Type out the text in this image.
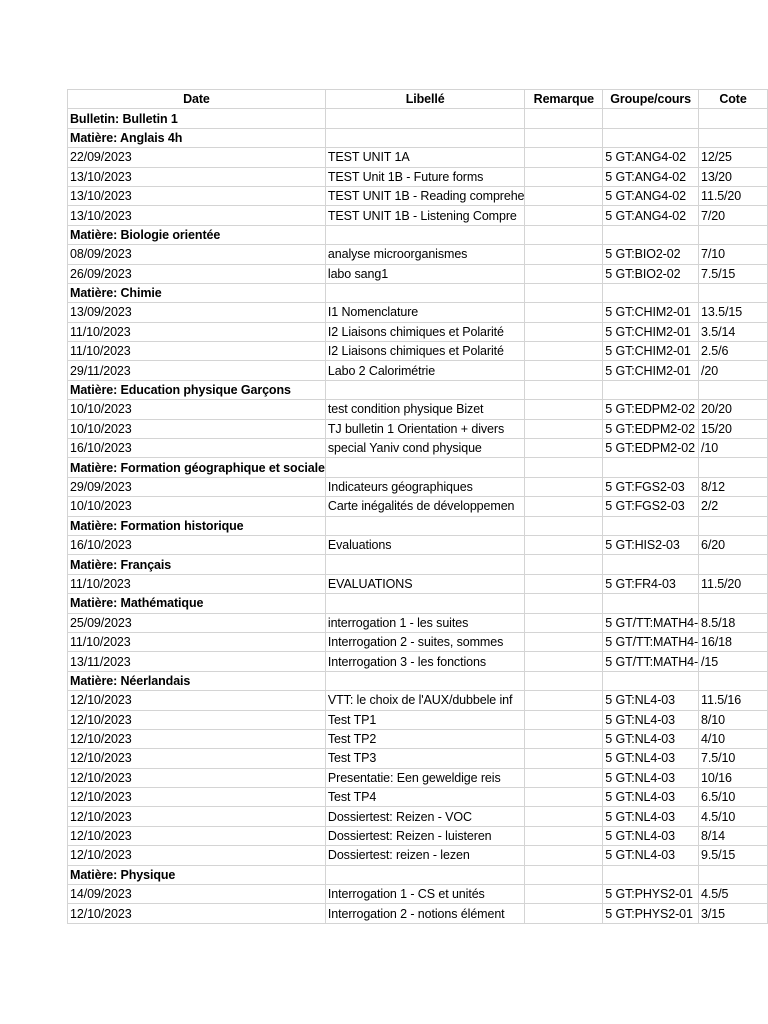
Date	Libellé	Remarque	Groupe/cours	Cote
Bulletin: Bulletin 1				
Matière: Anglais 4h				
22/09/2023	TEST UNIT 1A		5 GT:ANG4-02	12/25
13/10/2023	TEST Unit 1B - Future forms		5 GT:ANG4-02	13/20
13/10/2023	TEST UNIT 1B - Reading comprehe		5 GT:ANG4-02	11.5/20
13/10/2023	TEST UNIT 1B - Listening Compre		5 GT:ANG4-02	7/20
Matière: Biologie orientée				
08/09/2023	analyse microorganismes		5 GT:BIO2-02	7/10
26/09/2023	labo sang1		5 GT:BIO2-02	7.5/15
Matière: Chimie				
13/09/2023	I1 Nomenclature		5 GT:CHIM2-01	13.5/15
11/10/2023	I2 Liaisons chimiques et Polarité		5 GT:CHIM2-01	3.5/14
11/10/2023	I2 Liaisons chimiques et Polarité		5 GT:CHIM2-01	2.5/6
29/11/2023	Labo 2 Calorimétrie		5 GT:CHIM2-01	/20
Matière: Education physique Garçons				
10/10/2023	test condition physique Bizet		5 GT:EDPM2-02	20/20
10/10/2023	TJ bulletin 1 Orientation + divers		5 GT:EDPM2-02	15/20
16/10/2023	special Yaniv cond physique		5 GT:EDPM2-02	/10
Matière: Formation géographique et sociale				
29/09/2023	Indicateurs géographiques		5 GT:FGS2-03	8/12
10/10/2023	Carte inégalités de développemen		5 GT:FGS2-03	2/2
Matière: Formation historique				
16/10/2023	Evaluations		5 GT:HIS2-03	6/20
Matière: Français				
11/10/2023	EVALUATIONS		5 GT:FR4-03	11.5/20
Matière: Mathématique				
25/09/2023	interrogation 1 - les suites		5 GT/TT:MATH4-	8.5/18
11/10/2023	Interrogation 2 - suites, sommes		5 GT/TT:MATH4-	16/18
13/11/2023	Interrogation 3 - les fonctions		5 GT/TT:MATH4-	/15
Matière: Néerlandais				
12/10/2023	VTT: le choix de l'AUX/dubbele inf		5 GT:NL4-03	11.5/16
12/10/2023	Test TP1		5 GT:NL4-03	8/10
12/10/2023	Test TP2		5 GT:NL4-03	4/10
12/10/2023	Test TP3		5 GT:NL4-03	7.5/10
12/10/2023	Presentatie: Een geweldige reis		5 GT:NL4-03	10/16
12/10/2023	Test TP4		5 GT:NL4-03	6.5/10
12/10/2023	Dossiertest: Reizen - VOC		5 GT:NL4-03	4.5/10
12/10/2023	Dossiertest: Reizen - luisteren		5 GT:NL4-03	8/14
12/10/2023	Dossiertest: reizen - lezen		5 GT:NL4-03	9.5/15
Matière: Physique				
14/09/2023	Interrogation 1 - CS et unités		5 GT:PHYS2-01	4.5/5
12/10/2023	Interrogation 2 - notions élément		5 GT:PHYS2-01	3/15
